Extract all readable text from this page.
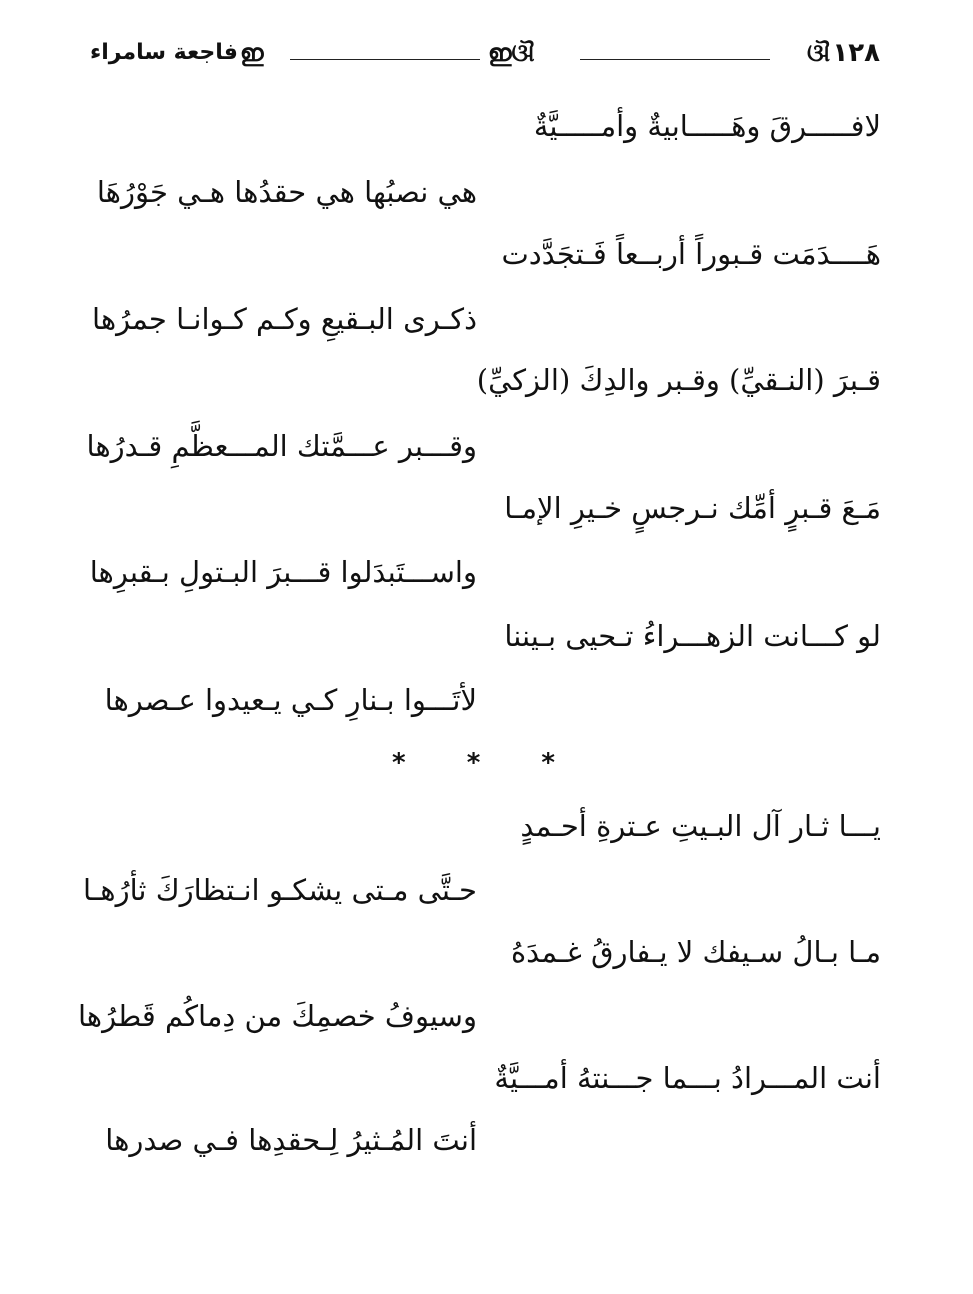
١٢٨
ଔ
ഇଔ
ഇ
فاجعة سامراء
لافـــــرقَ وهَـــــابيةٌ وأمـــــيَّةٌ
هي نصبُها هي حقدُها هـي جَوْرُهَا
هَــــدَمَت قـبوراً أربــعاً فَـتجَدَّدت
ذكـرى البـقيعِ وكـم كـوانـا جمرُها
قـبرَ (النـقيِّ) وقـبر والدِكَ (الزكيِّ)
وقـــبر عـــمَّتك المـــعظَّمِ قـدرُها
مَـعَ قـبرٍ أمِّك نـرجسٍ خـيرِ الإمـا
واســـتَبدَلوا قـــبرَ البـتولِ بـقبرِها
لو كـــانت الزهـــراءُ تـحيى بـيننا
لأتَـــوا بـنارِ كـي يـعيدوا عـصرها
* * *
يـــا ثـار آل البـيتِ عـترةِ أحـمدٍ
حـتَّى مـتى يشكـو انـتظارَكَ ثأرُهـا
مـا بـالُ سـيفك لا يـفارقُ غـمدَهُ
وسيوفُ خصمِكَ من دِماكُم قَطرُها
أنت المـــرادُ بـــما جـــنتهُ أمـــيَّةٌ
أنتَ المُـثيرُ لِـحقدِها فـي صدرها
